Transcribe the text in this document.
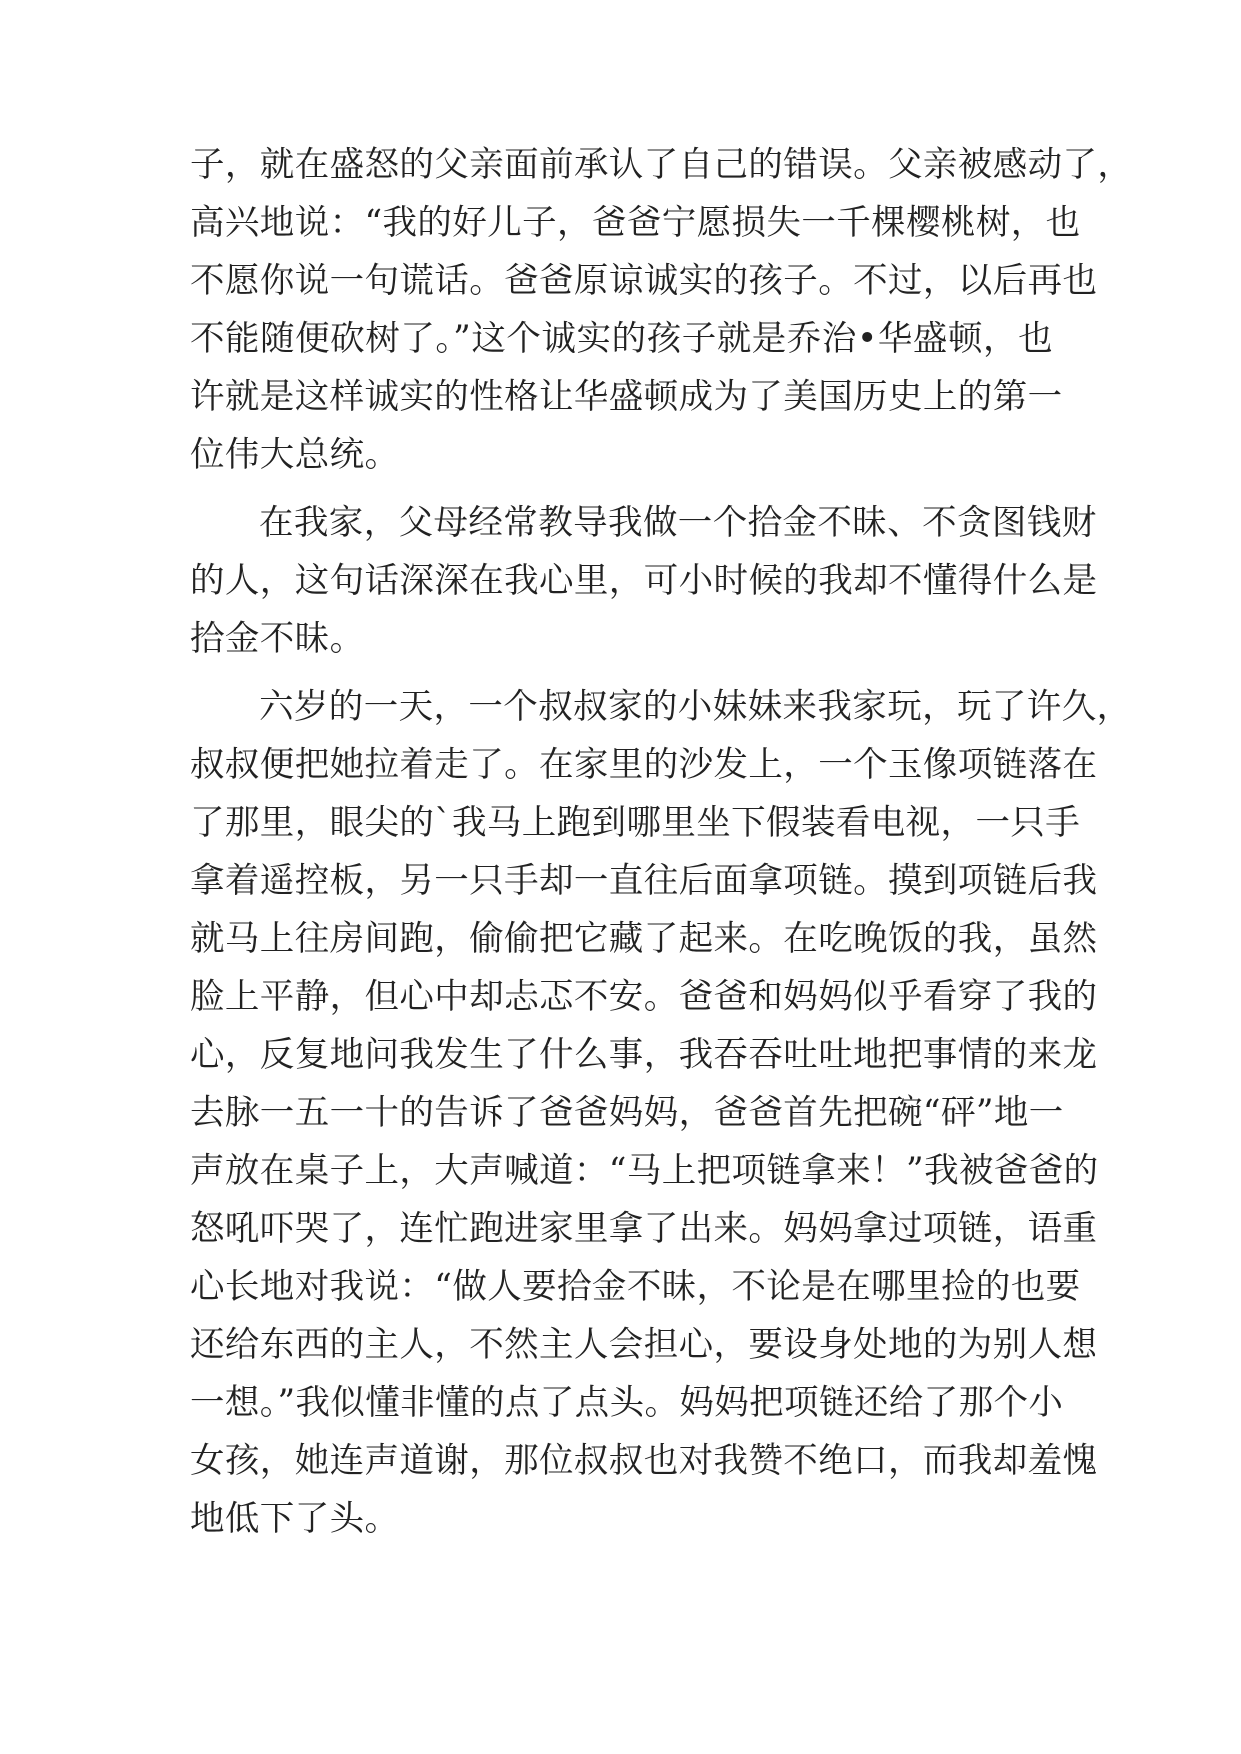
子，就在盛怒的父亲面前承认了自己的错误。父亲被感动了，
高兴地说：“我的好儿子，爸爸宁愿损失一千棵樱桃树，也
不愿你说一句谎话。爸爸原谅诚实的孩子。不过，以后再也
不能随便砍树了。”这个诚实的孩子就是乔治•华盛顿，也
许就是这样诚实的性格让华盛顿成为了美国历史上的第一
位伟大总统。
在我家，父母经常教导我做一个拾金不昧、不贪图钱财
的人，这句话深深在我心里，可小时候的我却不懂得什么是
拾金不昧。
六岁的一天，一个叔叔家的小妹妹来我家玩，玩了许久，
叔叔便把她拉着走了。在家里的沙发上，一个玉像项链落在
了那里，眼尖的`我马上跑到哪里坐下假装看电视，一只手
拿着遥控板，另一只手却一直往后面拿项链。摸到项链后我
就马上往房间跑，偷偷把它藏了起来。在吃晚饭的我，虽然
脸上平静，但心中却忐忑不安。爸爸和妈妈似乎看穿了我的
心，反复地问我发生了什么事，我吞吞吐吐地把事情的来龙
去脉一五一十的告诉了爸爸妈妈，爸爸首先把碗“砰”地一
声放在桌子上，大声喊道：“马上把项链拿来！”我被爸爸的
怒吼吓哭了，连忙跑进家里拿了出来。妈妈拿过项链，语重
心长地对我说：“做人要拾金不昧，不论是在哪里捡的也要
还给东西的主人，不然主人会担心，要设身处地的为别人想
一想。”我似懂非懂的点了点头。妈妈把项链还给了那个小
女孩，她连声道谢，那位叔叔也对我赞不绝口，而我却羞愧
地低下了头。
